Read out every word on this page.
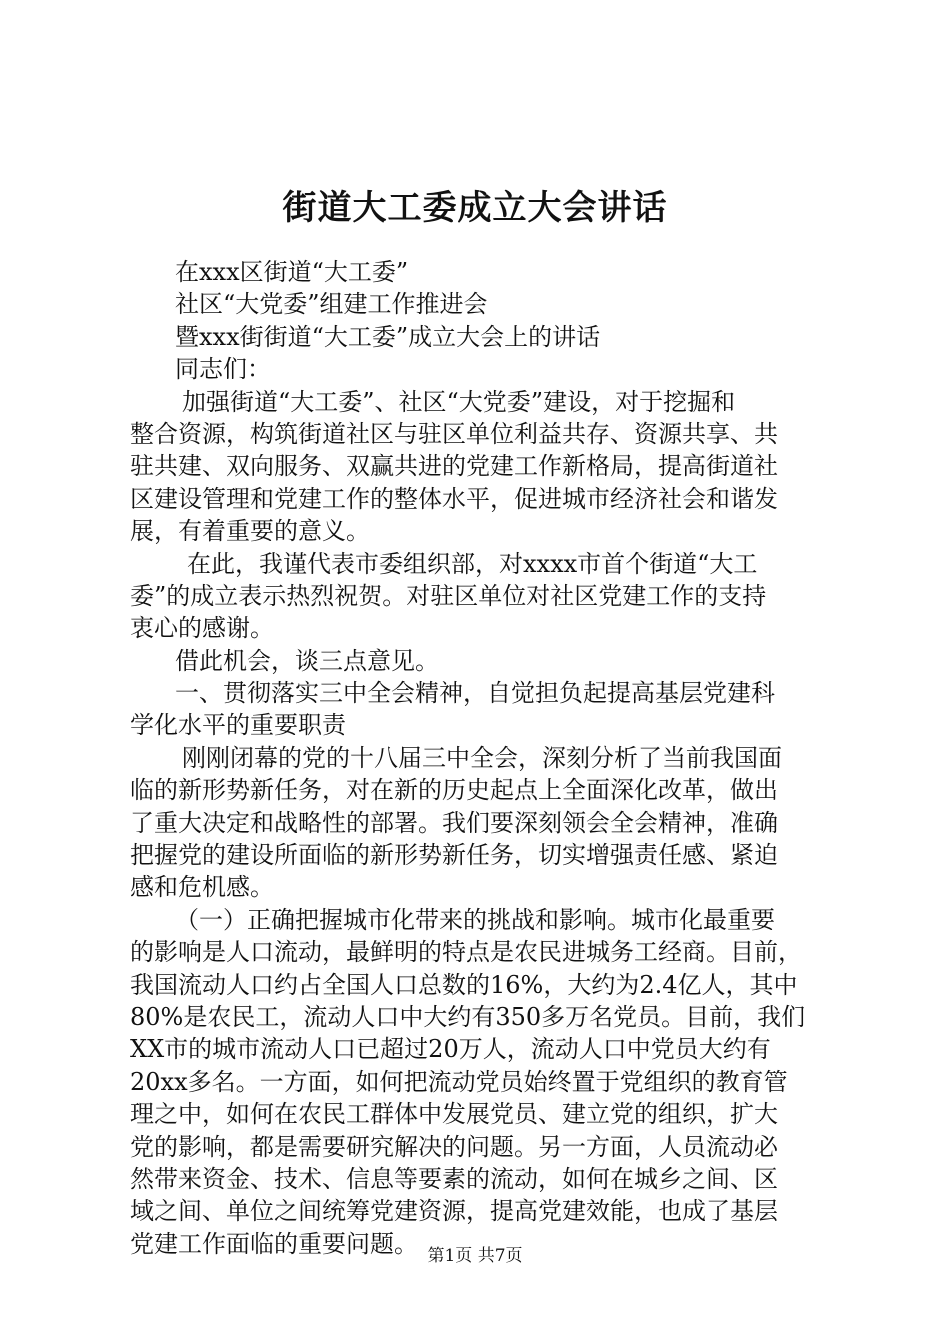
街道大工委成立大会讲话
在xxx区街道“大工委”
社区“大党委”组建工作推进会
暨xxx街街道“大工委”成立大会上的讲话
同志们：
加强街道“大工委”、社区“大党委”建设，对于挖掘和
整合资源，构筑街道社区与驻区单位利益共存、资源共享、共
驻共建、双向服务、双赢共进的党建工作新格局，提高街道社
区建设管理和党建工作的整体水平，促进城市经济社会和谐发
展，有着重要的意义。
在此，我谨代表市委组织部，对xxxx市首个街道“大工
委”的成立表示热烈祝贺。对驻区单位对社区党建工作的支持
衷心的感谢。
借此机会，谈三点意见。
一、贯彻落实三中全会精神，自觉担负起提高基层党建科
学化水平的重要职责
刚刚闭幕的党的十八届三中全会，深刻分析了当前我国面
临的新形势新任务，对在新的历史起点上全面深化改革，做出
了重大决定和战略性的部署。我们要深刻领会全会精神，准确
把握党的建设所面临的新形势新任务，切实增强责任感、紧迫
感和危机感。
（一）正确把握城市化带来的挑战和影响。城市化最重要
的影响是人口流动，最鲜明的特点是农民进城务工经商。目前，
我国流动人口约占全国人口总数的16%，大约为2.4亿人，其中
80%是农民工，流动人口中大约有350多万名党员。目前，我们
XX市的城市流动人口已超过20万人，流动人口中党员大约有
20xx多名。一方面，如何把流动党员始终置于党组织的教育管
理之中，如何在农民工群体中发展党员、建立党的组织，扩大
党的影响，都是需要研究解决的问题。另一方面，人员流动必
然带来资金、技术、信息等要素的流动，如何在城乡之间、区
域之间、单位之间统筹党建资源，提高党建效能，也成了基层
党建工作面临的重要问题。 第1页 共7页
